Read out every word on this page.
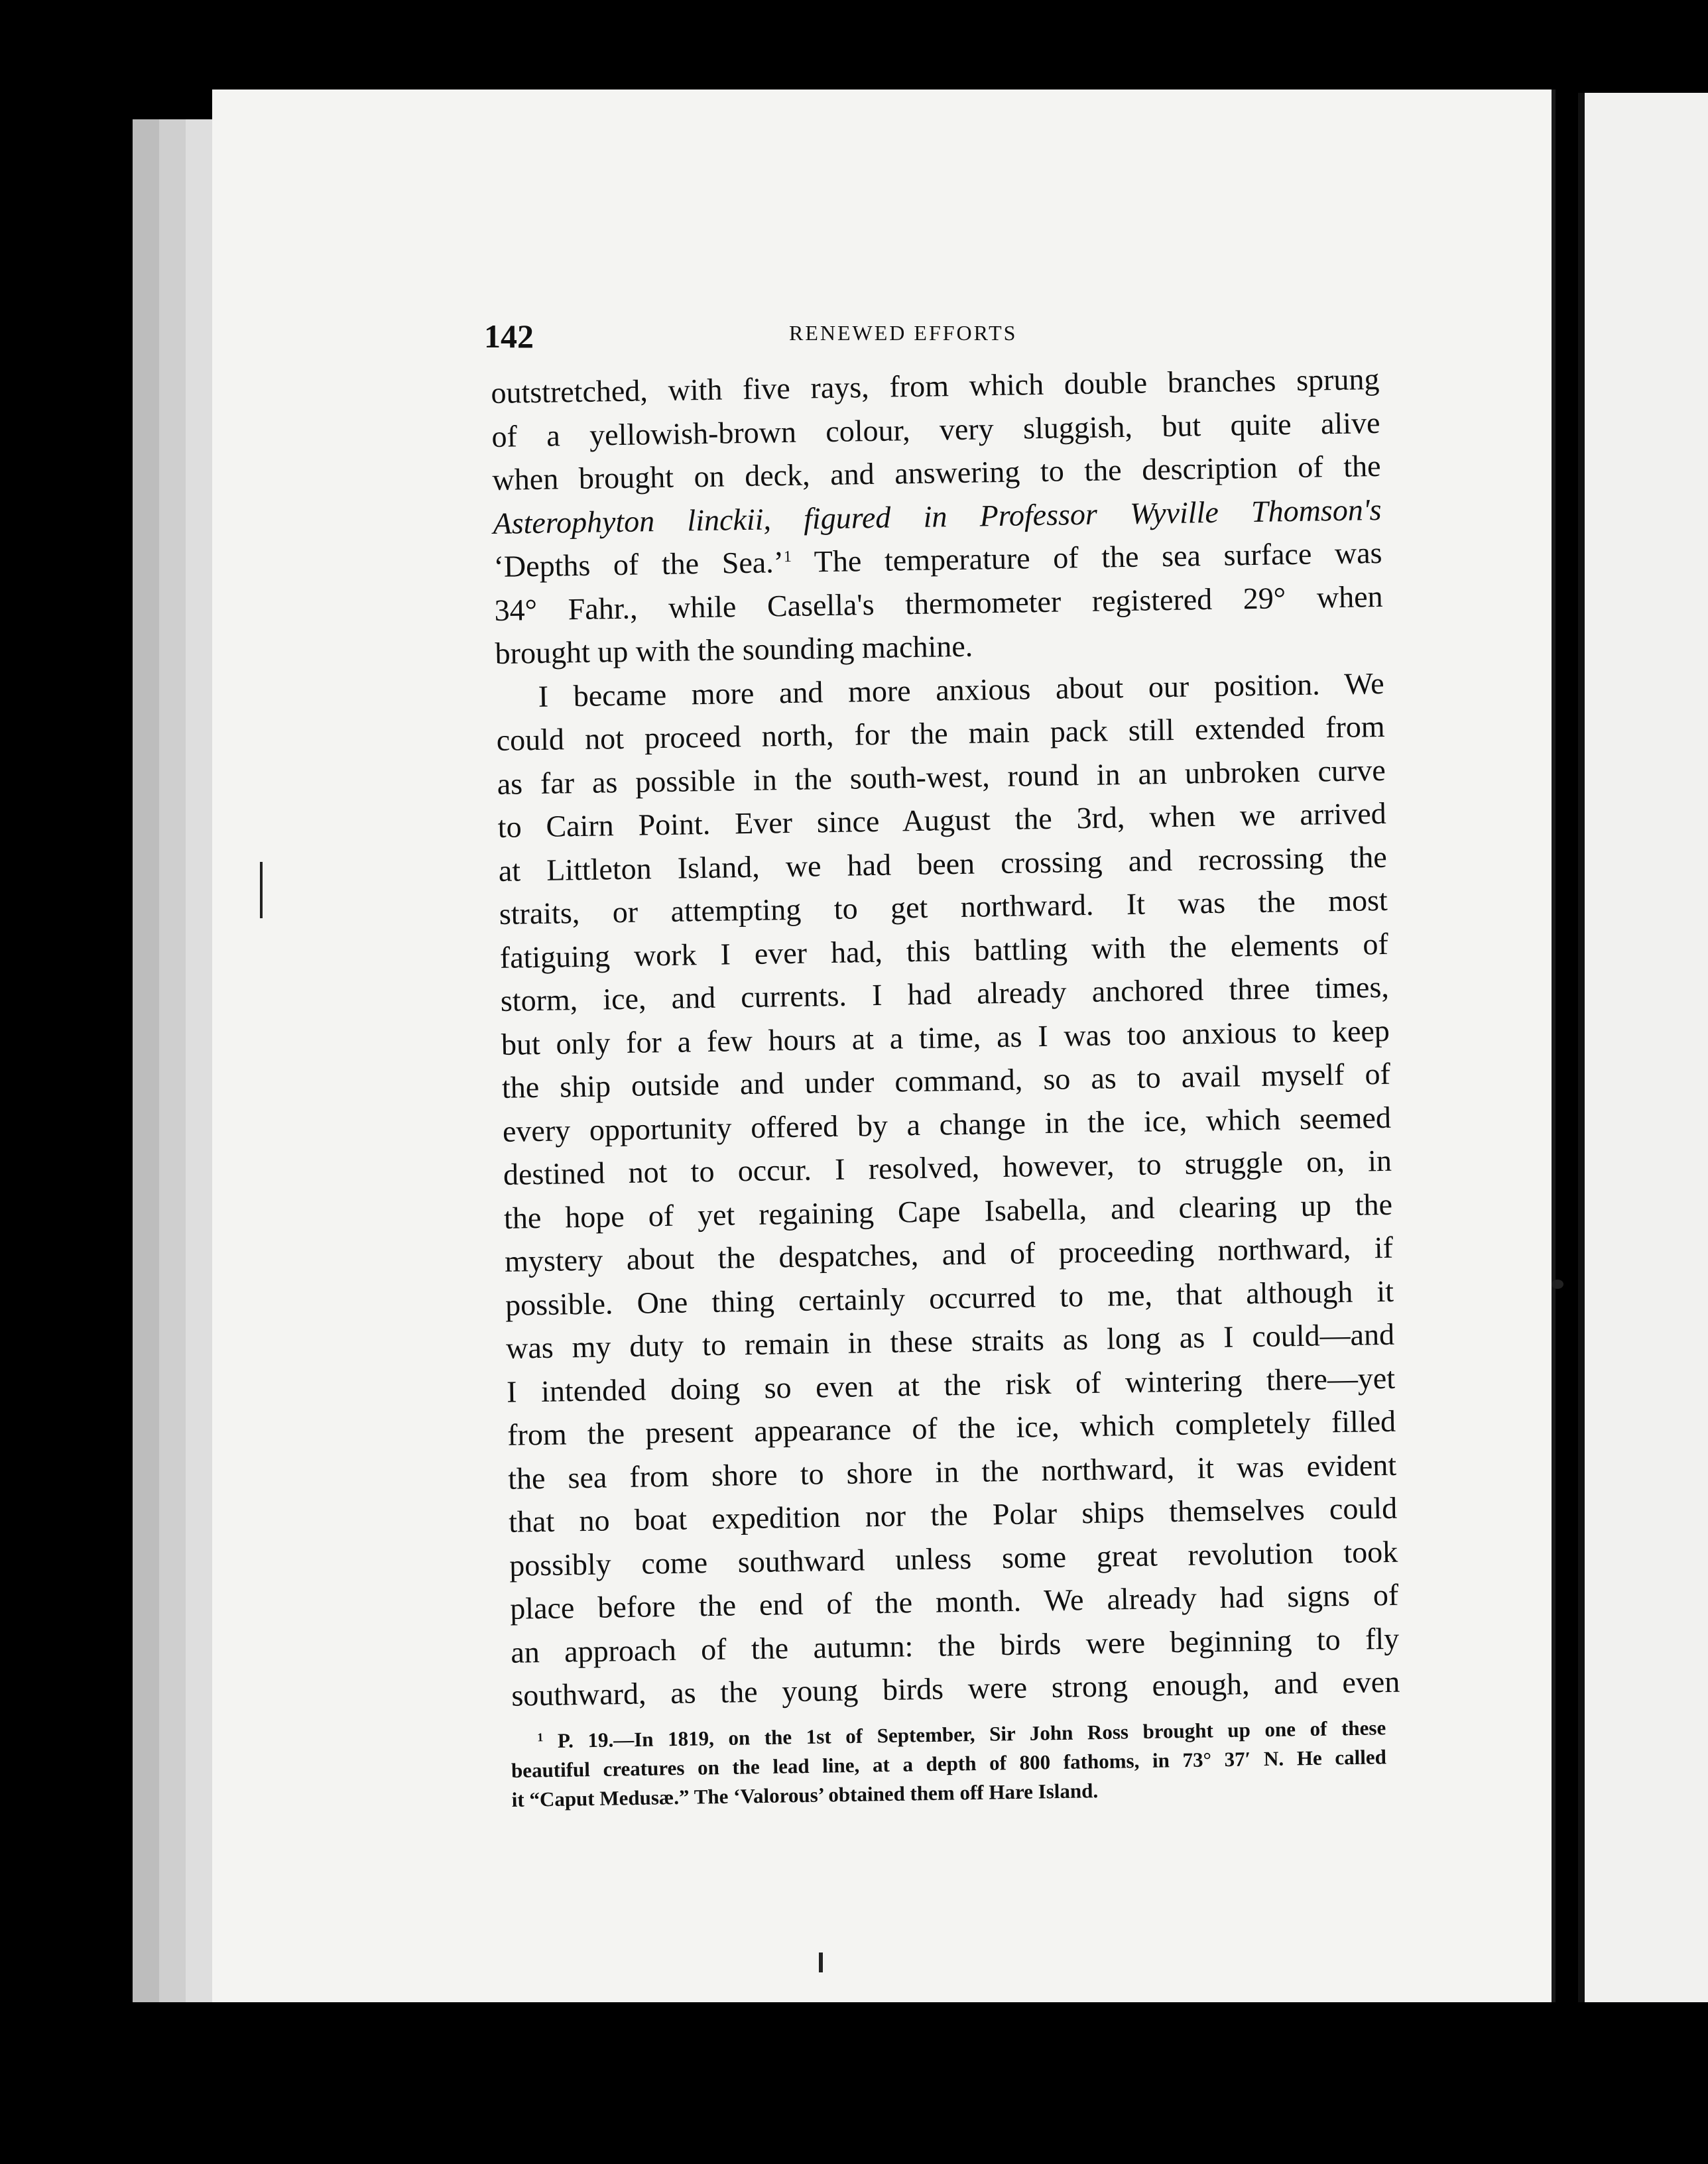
142	RENEWED EFFORTS

outstretched, with five rays, from which double branches sprung
of a yellowish-brown colour, very sluggish, but quite alive
when brought on deck, and answering to the description of the
Asterophyton linckii, figured in Professor Wyville Thomson's
‘Depths of the Sea.’$^1$ The temperature of the sea surface was
34° Fahr., while Casella's thermometer registered 29° when
brought up with the sounding machine.

I became more and more anxious about our position. We
could not proceed north, for the main pack still extended from
as far as possible in the south-west, round in an unbroken curve
to Cairn Point. Ever since August the 3rd, when we arrived
at Littleton Island, we had been crossing and recrossing the
straits, or attempting to get northward. It was the most
fatiguing work I ever had, this battling with the elements of
storm, ice, and currents. I had already anchored three times,
but only for a few hours at a time, as I was too anxious to keep
the ship outside and under command, so as to avail myself of
every opportunity offered by a change in the ice, which seemed
destined not to occur. I resolved, however, to struggle on, in
the hope of yet regaining Cape Isabella, and clearing up the
mystery about the despatches, and of proceeding northward, if
possible. One thing certainly occurred to me, that although it
was my duty to remain in these straits as long as I could—and
I intended doing so even at the risk of wintering there—yet
from the present appearance of the ice, which completely filled
the sea from shore to shore in the northward, it was evident
that no boat expedition nor the Polar ships themselves could
possibly come southward unless some great revolution took
place before the end of the month. We already had signs of
an approach of the autumn: the birds were beginning to fly
southward, as the young birds were strong enough, and even

$^1$ P. 19.—In 1819, on the 1st of September, Sir John Ross brought up one of these
beautiful creatures on the lead line, at a depth of 800 fathoms, in 73° 37′ N. He called
it “Caput Medusæ.” The ‘Valorous’ obtained them off Hare Island.
